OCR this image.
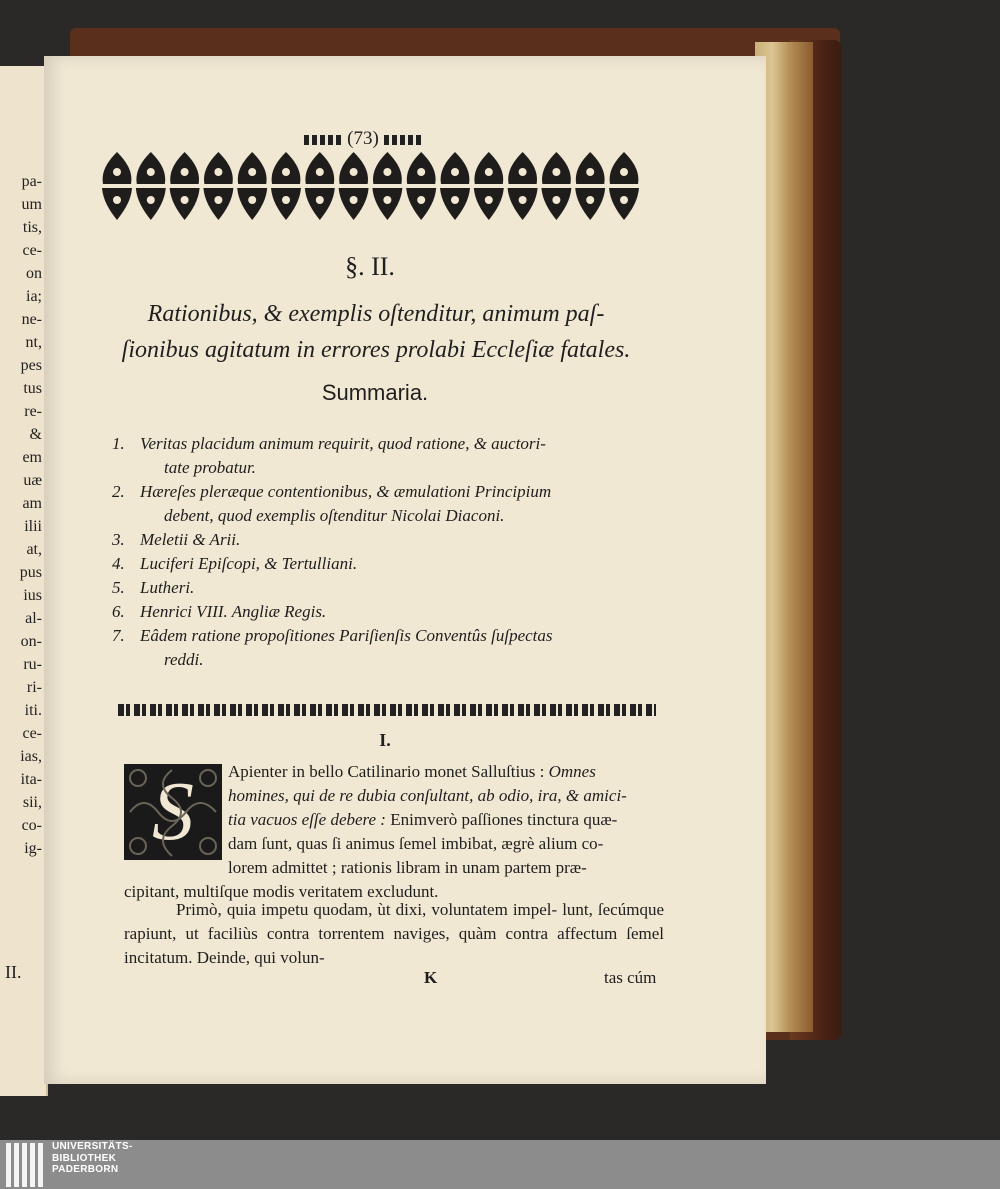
pa-
um
tis,
ce-
on
ia;
ne-
nt,
pes
tus
re-
&
em
uæ
am
ilii
at,
pus
ius
al-
on-
ru-
ri-
iti.
ce-
ias,
ita-
sii,
co-
ig-
II.
(73)
§. II.
Rationibus, & exemplis oſtenditur, animum paſ-
ſionibus agitatum in errores prolabi Eccleſiæ fatales.
Summaria.
1. Veritas placidum animum requirit, quod ratione, & auctori-
tate probatur.
2. Hæreſes pleræque contentionibus, & æmulationi Principium
debent, quod exemplis oſtenditur Nicolai Diaconi.
3. Meletii & Arii.
4. Luciferi Epiſcopi, & Tertulliani.
5. Lutheri.
6. Henrici VIII. Angliæ Regis.
7. Eâdem ratione propoſitiones Pariſienſis Conventûs ſuſpectas
reddi.
I.
S	Apienter in bello Catilinario monet Salluſtius : Omnes
homines, qui de re dubia conſultant, ab odio, ira, & amici-
tia vacuos eſſe debere : Enimverò paſſiones tinctura quæ-
dam ſunt, quas ſi animus ſemel imbibat, ægrè alium co-
lorem admittet ; rationis libram in unam partem præ-
cipitant, multiſque modis veritatem excludunt.
Primò, quia impetu quodam, ùt dixi, voluntatem impel- lunt, ſecúmque rapiunt, ut faciliùs contra torrentem naviges, quàm contra affectum ſemel incitatum. Deinde, qui volun-
K	tas cúm
UNIVERSITÄTS-
BIBLIOTHEK
PADERBORN
